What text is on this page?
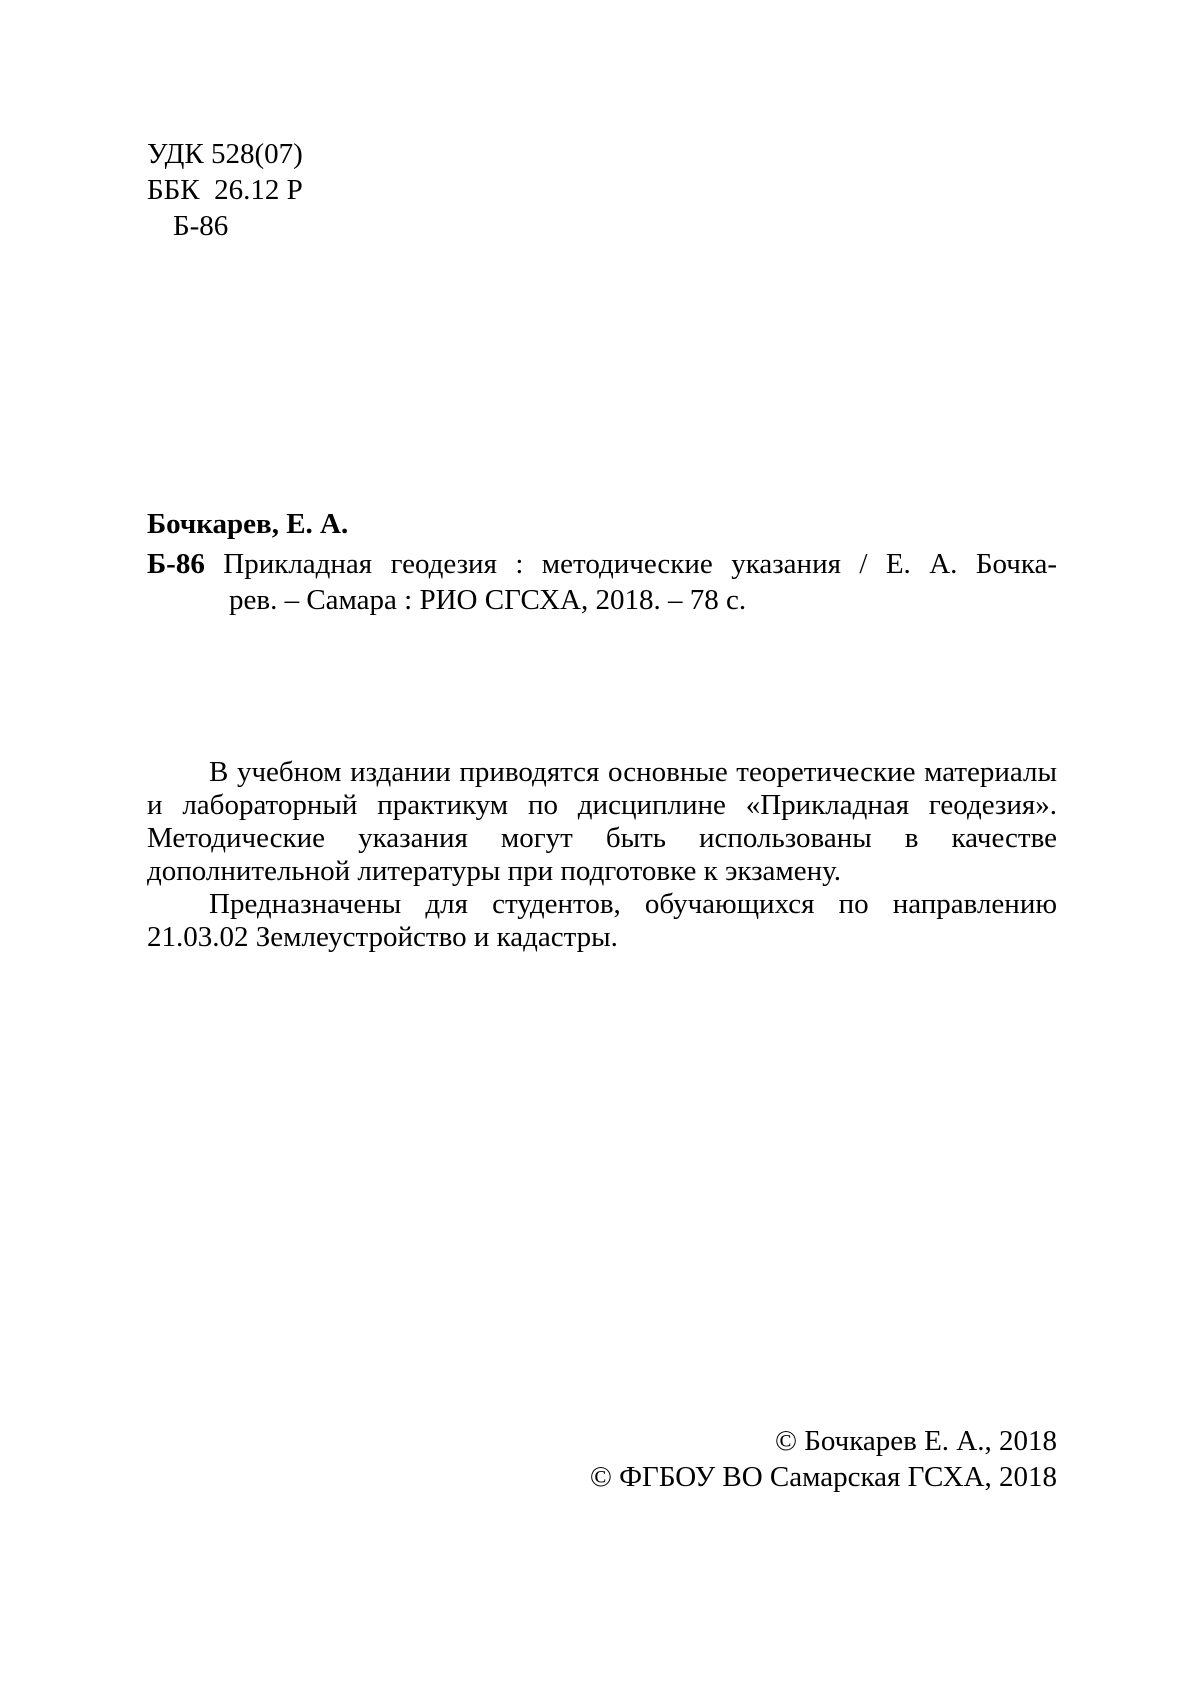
УДК 528(07)
ББК  26.12 Р
Б-86
Бочкарев, Е. А.
Б-86 Прикладная геодезия : методические указания / Е. А. Бочка-
рев. – Самара : РИО СГСХА, 2018. – 78 с.

В учебном издании приводятся основные теоретические материалы и лабораторный практикум по дисциплине «Прикладная геодезия». Методические указания могут быть использованы в качестве дополнительной литературы при подготовке к экзамену.

Предназначены для студентов, обучающихся по направлению 21.03.02 Землеустройство и кадастры.

© Бочкарев Е. А., 2018
© ФГБОУ ВО Самарская ГСХА, 2018
